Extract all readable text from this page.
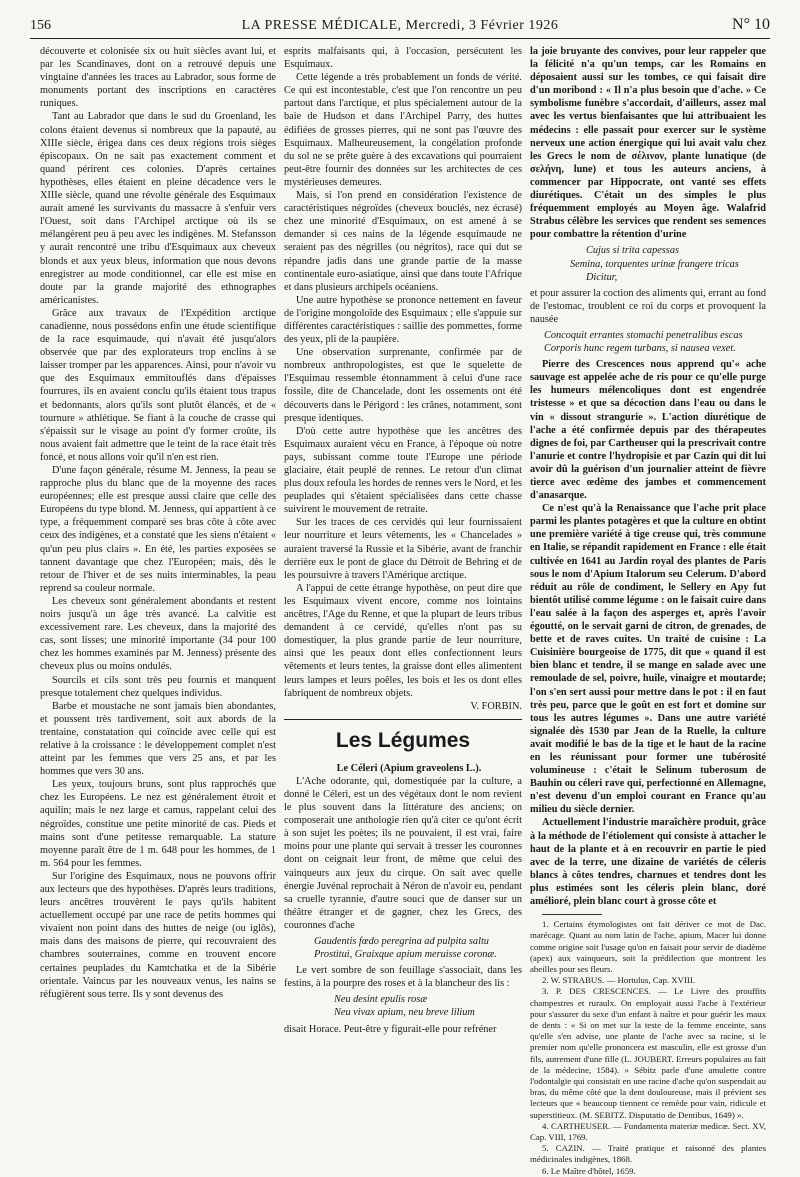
156	LA PRESSE MÉDICALE, Mercredi, 3 Février 1926	N° 10

découverte et colonisée six ou huit siècles avant lui, et par les Scandinaves, dont on a retrouvé depuis une vingtaine d'années les traces au Labrador, sous forme de monuments portant des inscriptions en caractères runiques.

Tant au Labrador que dans le sud du Groenland, les colons étaient devenus si nombreux que la papauté, au XIIIe siècle, érigea dans ces deux régions trois sièges épiscopaux. On ne sait pas exactement comment et quand périrent ces colonies. D'après certaines hypothèses, elles étaient en pleine décadence vers le XIIIe siècle, quand une révolte générale des Esquimaux aurait amené les survivants du massacre à s'enfuir vers l'Ouest, soit dans l'Archipel arctique où ils se mélangèrent peu à peu avec les indigènes. M. Stefansson y aurait rencontré une tribu d'Esquimaux aux cheveux blonds et aux yeux bleus, information que nous devons enregistrer au mode conditionnel, car elle est mise en doute par la grande majorité des ethnographes américanistes.

Grâce aux travaux de l'Expédition arctique canadienne, nous possédons enfin une étude scientifique de la race esquimaude, qui n'avait été jusqu'alors observée que par des explorateurs trop enclins à se laisser tromper par les apparences. Ainsi, pour n'avoir vu que des Esquimaux emmitouflés dans d'épaisses fourrures, ils en avaient conclu qu'ils étaient tous trapus et bedonnants, alors qu'ils sont plutôt élancés, et de « tournure » athlétique. Se fiant à la couche de crasse qui s'épaissit sur le visage au point d'y former croûte, ils nous avaient fait admettre que le teint de la race était très foncé, et nous allons voir qu'il n'en est rien.

D'une façon générale, résume M. Jenness, la peau se rapproche plus du blanc que de la moyenne des races européennes; elle est presque aussi claire que celle des Européens du type blond. M. Jenness, qui appartient à ce type, a fréquemment comparé ses bras côte à côte avec ceux des indigènes, et a constaté que les siens n'étaient « qu'un peu plus clairs ». En été, les parties exposées se tannent davantage que chez l'Européen; mais, dès le retour de l'hiver et de ses nuits interminables, la peau reprend sa couleur normale.

Les cheveux sont généralement abondants et restent noirs jusqu'à un âge très avancé. La calvitie est excessivement rare. Les cheveux, dans la majorité des cas, sont lisses; une minorité importante (34 pour 100 chez les hommes examinés par M. Jenness) présente des cheveux plus ou moins ondulés.

Sourcils et cils sont très peu fournis et manquent presque totalement chez quelques individus.

Barbe et moustache ne sont jamais bien abondantes, et poussent très tardivement, soit aux abords de la trentaine, constatation qui coïncide avec celle qui est relative à la croissance : le développement complet n'est atteint par les femmes que vers 25 ans, et par les hommes que vers 30 ans.

Les yeux, toujours bruns, sont plus rapprochés que chez les Européens. Le nez est généralement étroit et aquilin; mais le nez large et camus, rappelant celui des négroïdes, constitue une petite minorité de cas. Pieds et mains sont d'une petitesse remarquable. La stature moyenne paraît être de 1 m. 648 pour les hommes, de 1 m. 564 pour les femmes.

Sur l'origine des Esquimaux, nous ne pouvons offrir aux lecteurs que des hypothèses. D'après leurs traditions, leurs ancêtres trouvèrent le pays qu'ils habitent actuellement occupé par une race de petits hommes qui vivaient non point dans des huttes de neige (ou iglôs), mais dans des maisons de pierre, qui recouvraient des chambres souterraines, comme en trouvent encore certaines peuplades du Kamtchatka et de la Sibérie orientale. Vaincus par les nouveaux venus, les nains se réfugièrent sous terre. Ils y sont devenus des

esprits malfaisants qui, à l'occasion, persécutent les Esquimaux.

Cette légende a très probablement un fonds de vérité. Ce qui est incontestable, c'est que l'on rencontre un peu partout dans l'arctique, et plus spécialement autour de la baie de Hudson et dans l'Archipel Parry, des huttes édifiées de grosses pierres, qui ne sont pas l'œuvre des Esquimaux. Malheureusement, la congélation profonde du sol ne se prête guère à des excavations qui pourraient peut-être fournir des données sur les architectes de ces mystérieuses demeures.

Mais, si l'on prend en considération l'existence de caractéristiques négroïdes (cheveux bouclés, nez écrasé) chez une minorité d'Esquimaux, on est amené à se demander si ces nains de la légende esquimaude ne seraient pas des négrilles (ou négritos), race qui dut se répandre jadis dans une grande partie de la masse continentale euro-asiatique, ainsi que dans toute l'Afrique et dans plusieurs archipels océaniens.

Une autre hypothèse se prononce nettement en faveur de l'origine mongoloïde des Esquimaux ; elle s'appuie sur différentes caractéristiques : saillie des pommettes, forme des yeux, pli de la paupière.

Une observation surprenante, confirmée par de nombreux anthropologistes, est que le squelette de l'Esquimau ressemble étonnamment à celui d'une race fossile, dite de Chancelade, dont les ossements ont été découverts dans le Périgord : les crânes, notamment, sont presque identiques.

D'où cette autre hypothèse que les ancêtres des Esquimaux auraient vécu en France, à l'époque où notre pays, subissant comme toute l'Europe une période glaciaire, était peuplé de rennes. Le retour d'un climat plus doux refoula les hordes de rennes vers le Nord, et les peuplades qui s'étaient spécialisées dans cette chasse suivirent le mouvement de retraite.

Sur les traces de ces cervidés qui leur fournissaient leur nourriture et leurs vêtements, les « Chancelades » auraient traversé la Russie et la Sibérie, avant de franchir derrière eux le pont de glace du Détroit de Behring et de les poursuivre à travers l'Amérique arctique.

A l'appui de cette étrange hypothèse, on peut dire que les Esquimaux vivent encore, comme nos lointains ancêtres, l'Age du Renne, et que la plupart de leurs tribus demandent à ce cervidé, qu'elles n'ont pas su domestiquer, la plus grande partie de leur nourriture, ainsi que les peaux dont elles confectionnent leurs vêtements et leurs tentes, la graisse dont elles alimentent leurs lampes et leurs poêles, les bois et les os dont elles fabriquent de nombreux objets.

V. FORBIN.

Les Légumes

Le Céleri (Apium graveolens L.).

L'Ache odorante, qui, domestiquée par la culture, a donné le Céleri, est un des végétaux dont le nom revient le plus souvent dans la littérature des anciens; on composerait une anthologie rien qu'à citer ce qu'ont écrit à son sujet les poètes; ils ne pouvaient, il est vrai, faire moins pour une plante qui servait à tresser les couronnes dont on ceignait leur front, de même que celui des vainqueurs aux jeux du cirque. On sait avec quelle énergie Juvénal reprochait à Néron de n'avoir eu, pendant sa cruelle tyrannie, d'autre souci que de danser sur un théâtre étranger et de gagner, chez les Grecs, des couronnes d'ache

Gaudentis fœdo peregrina ad pulpita saltu
Prostitui, Graixque apium meruisse coronæ.

Le vert sombre de son feuillage s'associait, dans les festins, à la pourpre des roses et à la blancheur des lis :

Neu desint epulis rosæ
Neu vivax apium, neu breve lilium

disait Horace. Peut-être y figurait-elle pour refréner

la joie bruyante des convives, pour leur rappeler que la félicité n'a qu'un temps, car les Romains en déposaient aussi sur les tombes, ce qui faisait dire d'un moribond : « Il n'a plus besoin que d'ache. » Ce symbolisme funèbre s'accordait, d'ailleurs, assez mal avec les vertus bienfaisantes que lui attribuaient les médecins : elle passait pour exercer sur le système nerveux une action énergique qui lui avait valu chez les Grecs le nom de σέλινον, plante lunatique (de σελήνη, lune) et tous les auteurs anciens, à commencer par Hippocrate, ont vanté ses effets diurétiques. C'était un des simples le plus fréquemment employés au Moyen âge. Walafrid Strabus célèbre les services que rendent ses semences pour combattre la rétention d'urine

Cujus si trita capessas
Semina, torquentes urinæ frangere tricas
Dicitur,

et pour assurer la coction des aliments qui, errant au fond de l'estomac, troublent ce roi du corps et provoquent la nausée

Concoquit errantes stomachi penetralibus escas
Corporis hunc regem turbans, si nausea vexet.

Pierre des Crescences nous apprend qu'« ache sauvage est appelée ache de ris pour ce qu'elle purge les humeurs mélencoliques dont est engendrée tristesse » et que sa décoction dans l'eau ou dans le vin « dissout strangurie ». L'action diurétique de l'ache a été confirmée depuis par des thérapeutes dignes de foi, par Cartheuser qui la prescrivait contre l'anurie et contre l'hydropisie et par Cazin qui dit lui avoir dû la guérison d'un journalier atteint de fièvre tierce avec œdème des jambes et commencement d'anasarque.

Ce n'est qu'à la Renaissance que l'ache prit place parmi les plantes potagères et que la culture en obtint une première variété à tige creuse qui, très commune en Italie, se répandit rapidement en France : elle était cultivée en 1641 au Jardin royal des plantes de Paris sous le nom d'Apium Italorum seu Celerum. D'abord réduit au rôle de condiment, le Sellery en Apy fut bientôt utilisé comme légume : on le faisait cuire dans l'eau salée à la façon des asperges et, après l'avoir égoutté, on le servait garni de citron, de grenades, de bette et de raves cuites. Un traité de cuisine : La Cuisinière bourgeoise de 1775, dit que « quand il est bien blanc et tendre, il se mange en salade avec une remoulade de sel, poivre, huile, vinaigre et moutarde; l'on s'en sert aussi pour mettre dans le pot : il en faut très peu, parce que le goût en est fort et domine sur tous les autres légumes ». Dans une autre variété signalée dès 1530 par Jean de la Ruelle, la culture avait modifié le bas de la tige et le haut de la racine en les réunissant pour former une tubérosité volumineuse : c'était le Selinum tuberosum de Bauhin ou céleri rave qui, perfectionné en Allemagne, n'est devenu d'un emploi courant en France qu'au milieu du siècle dernier.

Actuellement l'industrie maraîchère produit, grâce à la méthode de l'étiolement qui consiste à attacher le haut de la plante et à en recouvrir en partie le pied avec de la terre, une dizaine de variétés de céleris blancs à côtes tendres, charnues et tendres dont les plus estimées sont les céleris plein blanc, doré amélioré, plein blanc court à grosse côte et

1. Certains étymologistes ont fait dériver ce mot de Dac. marécage. Quant au nom latin de l'ache, apium, Macer lui donne comme origine soit l'usage qu'on en faisait pour servir de diadème (apex) aux vainqueurs, soit la prédilection que montrent les abeilles pour ses fleurs.

2. W. STRABUS. — Hortulus, Cap. XVIII.

3. P. DES CRESCENCES. — Le Livre des prouffits champestres et ruraulx. On employait aussi l'ache à l'extérieur pour s'assurer du sexe d'un enfant à naître et pour guérir les maux de dents : « Si on met sur la teste de la femme enceinte, sans qu'elle s'en advise, une plante de l'ache avec sa racine, si le premier nom qu'elle prononcera est masculin, elle est grosse d'un fils, autrement d'une fille (L. JOUBERT. Erreurs populaires au fait de la médecine, 1584). » Sébitz parle d'une amulette contre l'odontalgie qui consistait en une racine d'ache qu'on suspendait au bras, du même côté que la dent douloureuse, mais il prévient ses lecteurs que « beaucoup tiennent ce remède pour vain, ridicule et superstitieux. (M. SEBITZ. Disputatio de Dentibus, 1649) ».

4. CARTHEUSER. — Fundamenta materiæ medicæ. Sect. XV, Cap. VIII, 1769.

5. CAZIN. — Traité pratique et raisonné des plantes médicinales indigènes, 1868.

6. Le Maître d'hôtel, 1659.
